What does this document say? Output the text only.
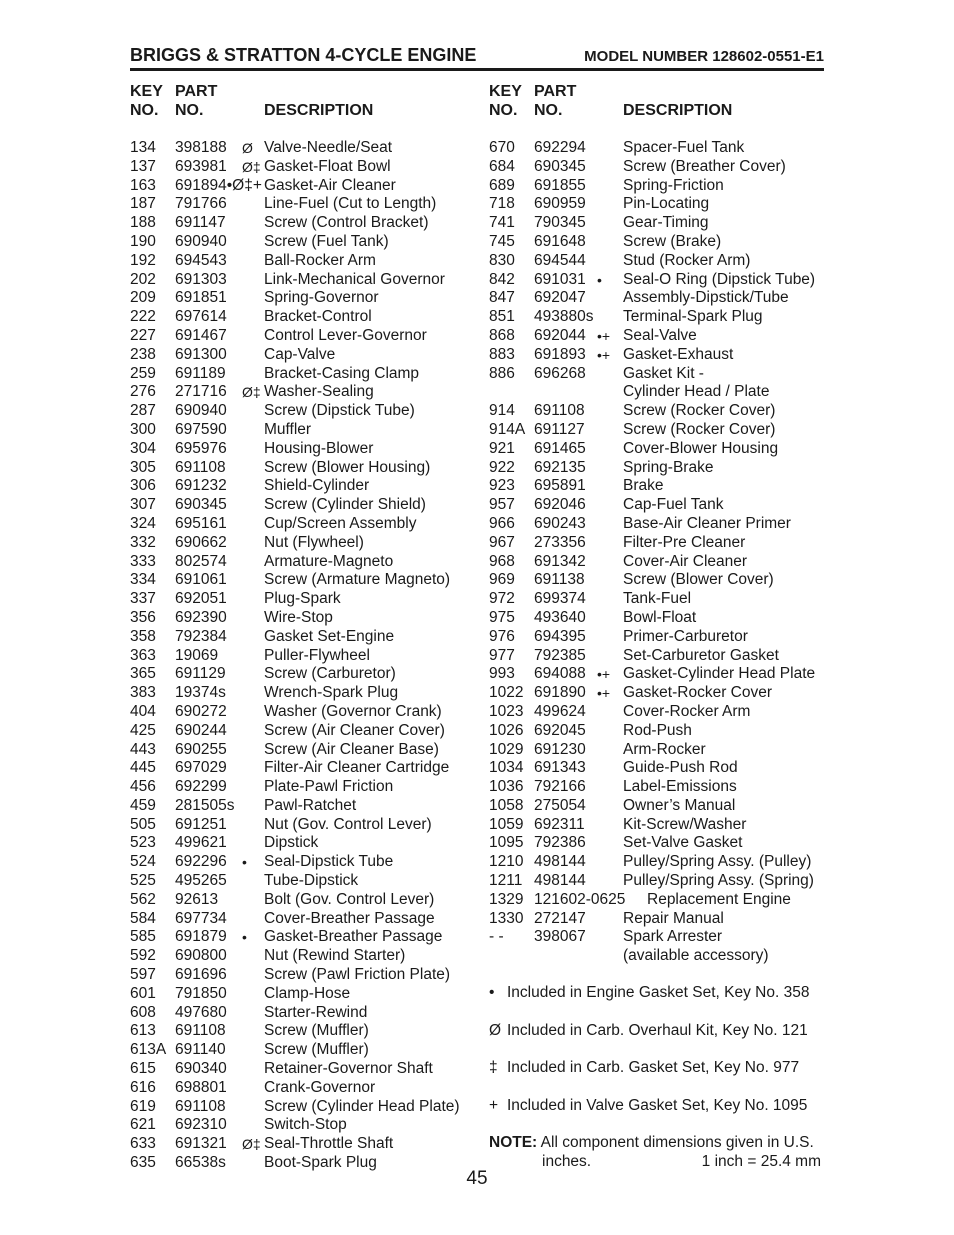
BRIGGS & STRATTON 4-CYCLE ENGINE	MODEL NUMBER 128602-0551-E1
KEY
NO.
PART
NO.	DESCRIPTION
134 398188 Ø Valve-Needle/Seat
137 693981 Ø‡ Gasket-Float Bowl
163 691894•Ø‡+ Gasket-Air Cleaner
187 791766 Line-Fuel (Cut to Length)
188 691147 Screw (Control Bracket)
190 690940 Screw (Fuel Tank)
192 694543 Ball-Rocker Arm
202 691303 Link-Mechanical Governor
209 691851 Spring-Governor
222 697614 Bracket-Control
227 691467 Control Lever-Governor
238 691300 Cap-Valve
259 691189 Bracket-Casing Clamp
276 271716 Ø‡ Washer-Sealing
287 690940 Screw (Dipstick Tube)
300 697590 Muffler
304 695976 Housing-Blower
305 691108 Screw (Blower Housing)
306 691232 Shield-Cylinder
307 690345 Screw (Cylinder Shield)
324 695161 Cup/Screen Assembly
332 690662 Nut (Flywheel)
333 802574 Armature-Magneto
334 691061 Screw (Armature Magneto)
337 692051 Plug-Spark
356 692390 Wire-Stop
358 792384 Gasket Set-Engine
363 19069	Puller-Flywheel
365 691129 Screw (Carburetor)
383 19374s Wrench-Spark Plug
404 690272 Washer (Governor Crank)
425 690244 Screw (Air Cleaner Cover)
443 690255 Screw (Air Cleaner Base)
445 697029 Filter-Air Cleaner Cartridge
456 692299 Plate-Pawl Friction
459 281505s Pawl-Ratchet
505 691251 Nut (Gov. Control Lever)
523 499621 Dipstick
524 692296 •	Seal-Dipstick Tube
525 495265 Tube-Dipstick
562 92613	Bolt (Gov. Control Lever)
584 697734 Cover-Breather Passage
585 691879 •	Gasket-Breather Passage
592 690800 Nut (Rewind Starter)
597 691696 Screw (Pawl Friction Plate)
601 791850 Clamp-Hose
608 497680 Starter-Rewind
613 691108 Screw (Muffler)
613A 691140 Screw (Muffler)
615 690340 Retainer-Governor Shaft
616 698801 Crank-Governor
619 691108 Screw (Cylinder Head Plate)
621 692310 Switch-Stop
633 691321 Ø‡ Seal-Throttle Shaft
635 66538s Boot-Spark Plug
KEY
NO.
PART
NO.	DESCRIPTION
670 692294 Spacer-Fuel Tank
684 690345 Screw (Breather Cover)
689 691855 Spring-Friction
718 690959 Pin-Locating
741 790345 Gear-Timing
745 691648 Screw (Brake)
830 694544 Stud (Rocker Arm)
842 691031 •	Seal-O Ring (Dipstick Tube)
847 692047 Assembly-Dipstick/Tube
851 493880s Terminal-Spark Plug
868 692044 •+ Seal-Valve
883 691893 •+ Gasket-Exhaust
886 696268 Gasket Kit -
Cylinder Head / Plate
914 691108 Screw (Rocker Cover)
914A 691127 Screw (Rocker Cover)
921 691465 Cover-Blower Housing
922 692135 Spring-Brake
923 695891 Brake
957 692046 Cap-Fuel Tank
966 690243 Base-Air Cleaner Primer
967 273356 Filter-Pre Cleaner
968 691342 Cover-Air Cleaner
969 691138 Screw (Blower Cover)
972 699374 Tank-Fuel
975 493640 Bowl-Float
976 694395 Primer-Carburetor
977 792385 Set-Carburetor Gasket
993 694088 •+ Gasket-Cylinder Head Plate
1022 691890 •+ Gasket-Rocker Cover
1023 499624 Cover-Rocker Arm
1026 692045 Rod-Push
1029 691230 Arm-Rocker
1034 691343 Guide-Push Rod
1036 792166 Label-Emissions
1058 275054 Owner’s Manual
1059 692311 Kit-Screw/Washer
1095 792386 Set-Valve Gasket
1210 498144 Pulley/Spring Assy. (Pulley)
1211 498144 Pulley/Spring Assy. (Spring)
1329 121602-0625 Replacement Engine
1330 272147 Repair Manual
- - 398067 Spark Arrester
(available accessory)
• Included in Engine Gasket Set, Key No. 358
Ø Included in Carb. Overhaul Kit, Key No. 121
‡ Included in Carb. Gasket Set, Key No. 977
+ Included in Valve Gasket Set, Key No. 1095
NOTE: All component dimensions given in U.S.
inches.	1 inch = 25.4 mm
45
